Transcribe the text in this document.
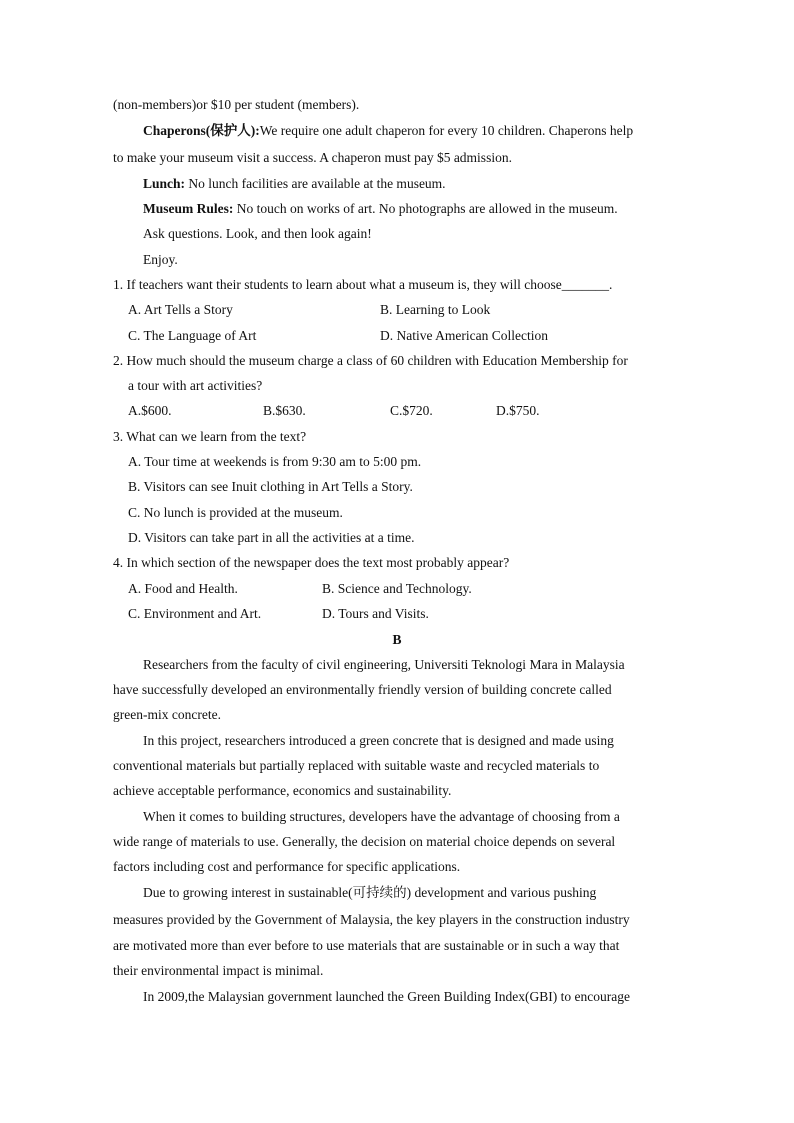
(non-members)or $10 per student (members).
Chaperons(保护人):We require one adult chaperon for every 10 children. Chaperons help
to make your museum visit a success. A chaperon must pay $5 admission.
Lunch: No lunch facilities are available at the museum.
Museum Rules: No touch on works of art. No photographs are allowed in the museum.
Ask questions. Look, and then look again!
Enjoy.
1. If teachers want their students to learn about what a museum is, they will choose_______.
A. Art Tells a Story	B. Learning to Look
C. The Language of Art	D. Native American Collection
2. How much should the museum charge a class of 60 children with Education Membership for
a tour with art activities?
A.$600.	B.$630.	C.$720.	D.$750.
3. What can we learn from the text?
A. Tour time at weekends is from 9:30 am to 5:00 pm.
B. Visitors can see Inuit clothing in Art Tells a Story.
C. No lunch is provided at the museum.
D. Visitors can take part in all the activities at a time.
4. In which section of the newspaper does the text most probably appear?
A. Food and Health.	B. Science and Technology.
C. Environment and Art.	D. Tours and Visits.
B
Researchers from the faculty of civil engineering, Universiti Teknologi Mara in Malaysia
have successfully developed an environmentally friendly version of building concrete called
green-mix concrete.
In this project, researchers introduced a green concrete that is designed and made using
conventional materials but partially replaced with suitable waste and recycled materials to
achieve acceptable performance, economics and sustainability.
When it comes to building structures, developers have the advantage of choosing from a
wide range of materials to use. Generally, the decision on material choice depends on several
factors including cost and performance for specific applications.
Due to growing interest in sustainable(可持续的) development and various pushing
measures provided by the Government of Malaysia, the key players in the construction industry
are motivated more than ever before to use materials that are sustainable or in such a way that
their environmental impact is minimal.
In 2009,the Malaysian government launched the Green Building Index(GBI) to encourage
